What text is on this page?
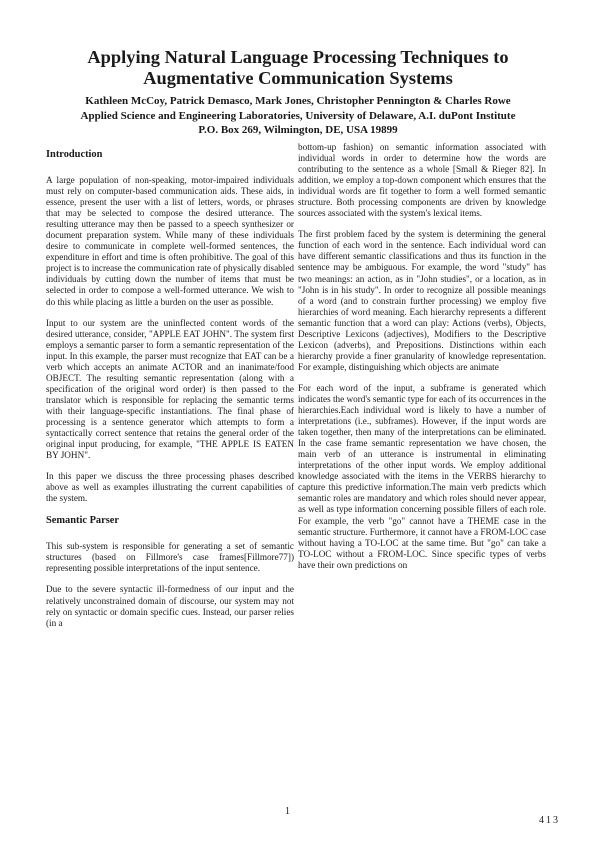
Applying Natural Language Processing Techniques to
Augmentative Communication Systems
Kathleen McCoy, Patrick Demasco, Mark Jones, Christopher Pennington & Charles Rowe
Applied Science and Engineering Laboratories, University of Delaware, A.I. duPont Institute
P.O. Box 269, Wilmington, DE, USA 19899
Introduction

A large population of non-speaking, motor-impaired individuals must rely on computer-based communication aids. These aids, in essence, present the user with a list of letters, words, or phrases that may be selected to compose the desired utterance. The resulting utterance may then be passed to a speech synthesizer or document preparation system. While many of these individuals desire to communicate in complete well-formed sentences, the expenditure in effort and time is often prohibitive. The goal of this project is to increase the communication rate of physically disabled individuals by cutting down the number of items that must be selected in order to compose a well-formed utterance. We wish to do this while placing as little a burden on the user as possible.

Input to our system are the uninflected content words of the desired utterance, consider, "APPLE EAT JOHN". The system first employs a semantic parser to form a semantic representation of the input. In this example, the parser must recognize that EAT can be a verb which accepts an animate ACTOR and an inanimate/food OBJECT. The resulting semantic representation (along with a specification of the original word order) is then passed to the translator which is responsible for replacing the semantic terms with their language-specific instantiations. The final phase of processing is a sentence generator which attempts to form a syntactically correct sentence that retains the general order of the original input producing, for example, "THE APPLE IS EATEN BY JOHN".

In this paper we discuss the three processing phases described above as well as examples illustrating the current capabilities of the system.

Semantic Parser

This sub-system is responsible for generating a set of semantic structures (based on Fillmore's case frames[Fillmore77]) representing possible interpretations of the input sentence.

Due to the severe syntactic ill-formedness of our input and the relatively unconstrained domain of discourse, our system may not rely on syntactic or domain specific cues. Instead, our parser relies (in a

bottom-up fashion) on semantic information associated with individual words in order to determine how the words are contributing to the sentence as a whole [Small & Rieger 82]. In addition, we employ a top-down component which ensures that the individual words are fit together to form a well formed semantic structure. Both processing components are driven by knowledge sources associated with the system's lexical items.

The first problem faced by the system is determining the general function of each word in the sentence. Each individual word can have different semantic classifications and thus its function in the sentence may be ambiguous. For example, the word "study" has two meanings: an action, as in "John studies", or a location, as in "John is in his study". In order to recognize all possible meanings of a word (and to constrain further processing) we employ five hierarchies of word meaning. Each hierarchy represents a different semantic function that a word can play: Actions (verbs), Objects, Descriptive Lexicons (adjectives), Modifiers to the Descriptive Lexicon (adverbs), and Prepositions. Distinctions within each hierarchy provide a finer granularity of knowledge representation. For example, distinguishing which objects are animate

For each word of the input, a subframe is generated which indicates the word's semantic type for each of its occurrences in the hierarchies.Each individual word is likely to have a number of interpretations (i.e., subframes). However, if the input words are taken together, then many of the interpretations can be eliminated. In the case frame semantic representation we have chosen, the main verb of an utterance is instrumental in eliminating interpretations of the other input words. We employ additional knowledge associated with the items in the VERBS hierarchy to capture this predictive information.The main verb predicts which semantic roles are mandatory and which roles should never appear, as well as type information concerning possible fillers of each role. For example, the verb "go" cannot have a THEME case in the semantic structure. Furthermore, it cannot have a FROM-LOC case without having a TO-LOC at the same time. But "go" can take a TO-LOC without a FROM-LOC. Since specific types of verbs have their own predictions on

1
413
